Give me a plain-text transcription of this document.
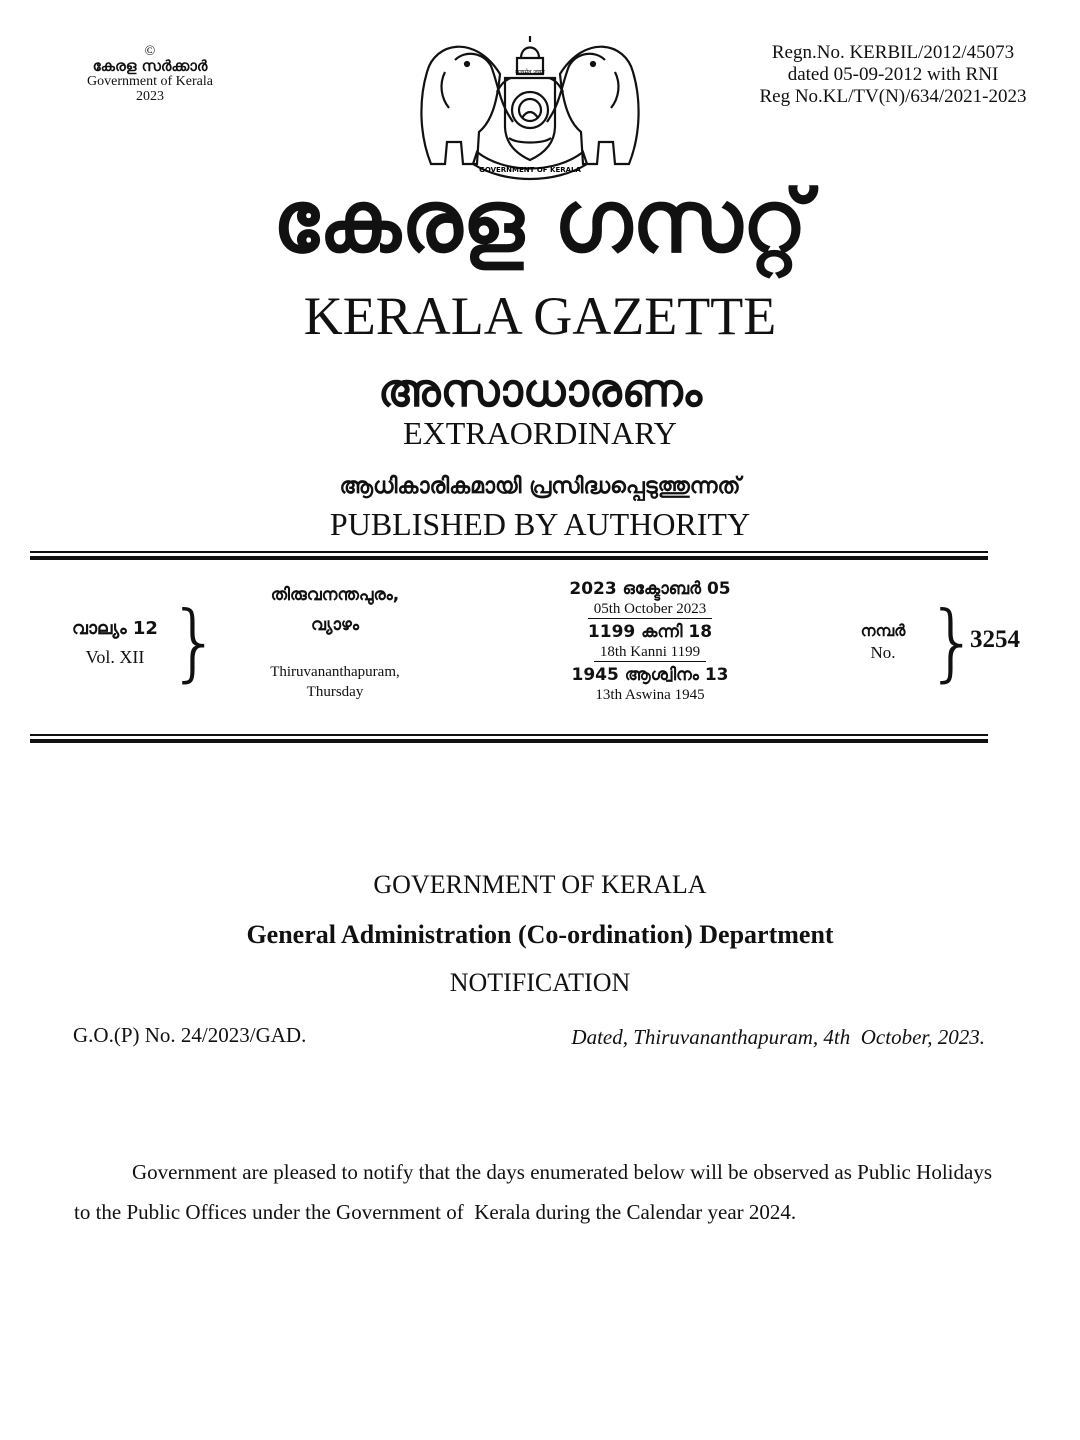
©
കേരള സർക്കാർ
Government of Kerala
2023
सत्यमेव जयते
GOVERNMENT OF KERALA
Regn.No. KERBIL/2012/45073
dated 05-09-2012 with RNI
Reg No.KL/TV(N)/634/2021-2023
കേരള ഗസറ്റ്
KERALA GAZETTE
അസാധാരണം
EXTRAORDINARY
ആധികാരികമായി പ്രസിദ്ധപ്പെടുത്തുന്നത്
PUBLISHED BY AUTHORITY
വാല്യം 12
Vol. XII }	തിരുവനന്തപുരം,
വ്യാഴം
Thiruvananthapuram,
Thursday
2023 ഒക്ടോബർ 05
05th October 2023
1199 കന്നി 18
18th Kanni 1199
1945 ആശ്വിനം 13
13th Aswina 1945
നമ്പർ
No. }
3254
GOVERNMENT OF KERALA
General Administration (Co-ordination) Department
NOTIFICATION
G.O.(P) No. 24/2023/GAD.	Dated, Thiruvananthapuram, 4th  October, 2023.
Government are pleased to notify that the days enumerated below will be observed as Public Holidays to the Public Offices under the Government of  Kerala during the Calendar year 2024.
